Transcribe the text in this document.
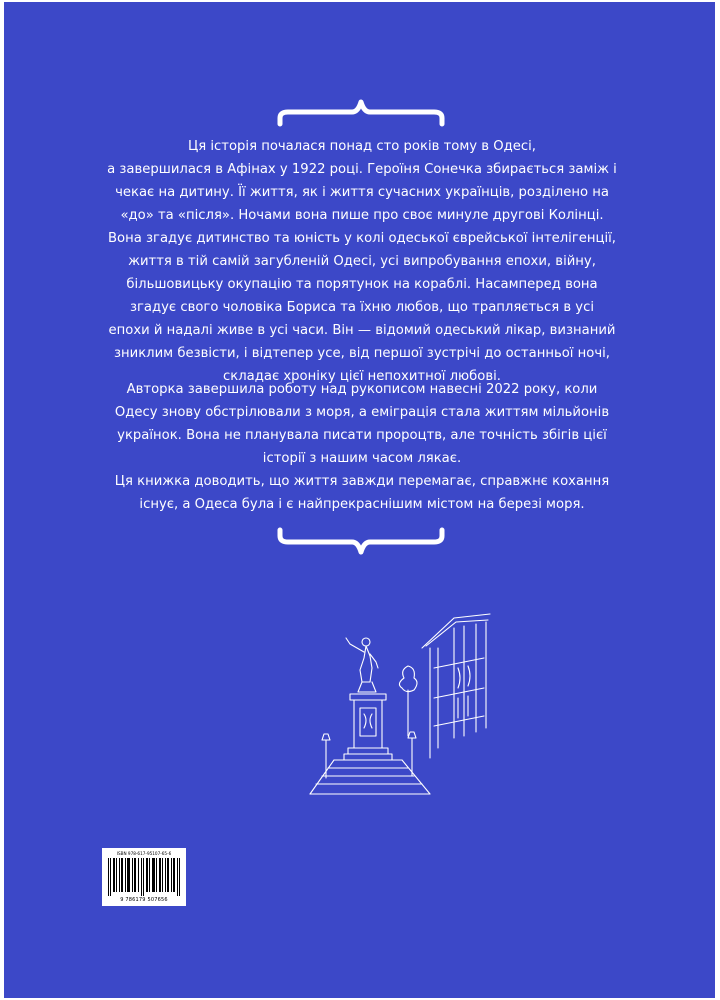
Ця історія почалася понад сто років тому в Одесі,
а завершилася в Афінах у 1922 році. Героїня Сонечка збирається заміж і
чекає на дитину. Її життя, як і життя сучасних українців, розділено на
«до» та «після». Ночами вона пише про своє минуле другові Колінці.
Вона згадує дитинство та юність у колі одеської єврейської інтелігенції,
життя в тій самій загубленій Одесі, усі випробування епохи, війну,
більшовицьку окупацію та порятунок на кораблі. Насамперед вона
згадує свого чоловіка Бориса та їхню любов, що трапляється в усі
епохи й надалі живе в усі часи. Він — відомий одеський лікар, визнаний
зниклим безвісти, і відтепер усе, від першої зустрічі до останньої ночі,
складає хроніку цієї непохитної любові.
Авторка завершила роботу над рукописом навесні 2022 року, коли
Одесу знову обстрілювали з моря, а еміграція стала життям мільйонів
українок. Вона не планувала писати пророцтв, але точність збігів цієї
історії з нашим часом лякає.
Ця книжка доводить, що життя завжди перемагає, справжнє кохання
існує, а Одеса була і є найпрекраснішим містом на березі моря.
ISBN 978-617-95107-65-6
9 786179 507656
